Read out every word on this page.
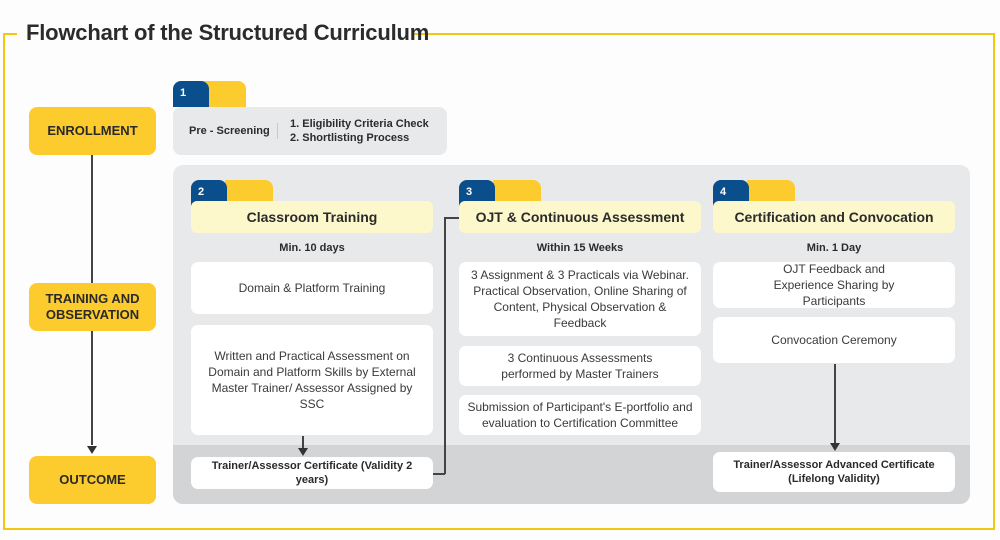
Flowchart of the Structured Curriculum
ENROLLMENT
TRAINING AND OBSERVATION
OUTCOME
1
Pre - Screening
1. Eligibility Criteria Check
2. Shortlisting Process
2
Classroom Training
Min. 10 days
Domain & Platform Training
Written and Practical Assessment on Domain and Platform Skills by External Master Trainer/ Assessor Assigned by SSC
Trainer/Assessor Certificate (Validity 2 years)
3
OJT & Continuous Assessment
Within 15 Weeks
3 Assignment & 3 Practicals via Webinar. Practical Observation, Online Sharing of Content, Physical Observation & Feedback
3 Continuous Assessments performed by Master Trainers
Submission of Participant's E-portfolio and evaluation to Certification Committee
4
Certification and Convocation
Min. 1 Day
OJT Feedback and Experience Sharing by Participants
Convocation Ceremony
Trainer/Assessor Advanced Certificate (Lifelong Validity)
